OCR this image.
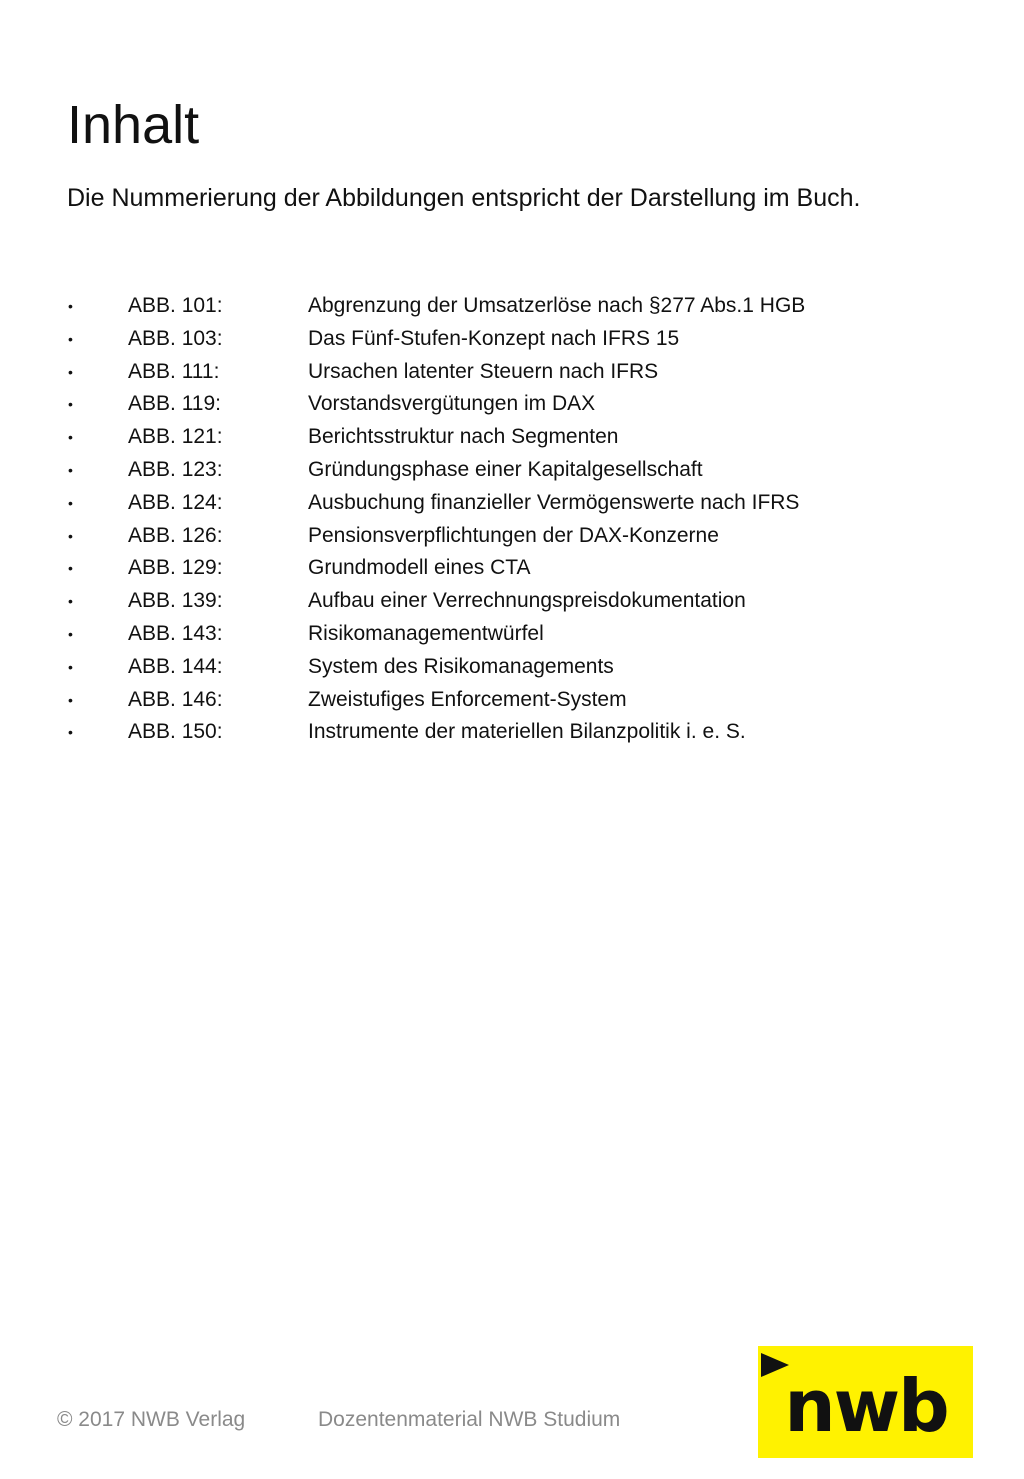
Inhalt

Die Nummerierung der Abbildungen entspricht der Darstellung im Buch.

•	ABB. 101:	Abgrenzung der Umsatzerlöse nach §277 Abs.1 HGB
•	ABB. 103:	Das Fünf-Stufen-Konzept nach IFRS 15
•	ABB. 111:	Ursachen latenter Steuern nach IFRS
•	ABB. 119:	Vorstandsvergütungen im DAX
•	ABB. 121:	Berichtsstruktur nach Segmenten
•	ABB. 123:	Gründungsphase einer Kapitalgesellschaft
•	ABB. 124:	Ausbuchung finanzieller Vermögenswerte nach IFRS
•	ABB. 126:	Pensionsverpflichtungen der DAX-Konzerne
•	ABB. 129:	Grundmodell eines CTA
•	ABB. 139:	Aufbau einer Verrechnungspreisdokumentation
•	ABB. 143:	Risikomanagementwürfel
•	ABB. 144:	System des Risikomanagements
•	ABB. 146:	Zweistufiges Enforcement-System
•	ABB. 150:	Instrumente der materiellen Bilanzpolitik i. e. S.
© 2017 NWB Verlag	Dozentenmaterial NWB Studium nwb
